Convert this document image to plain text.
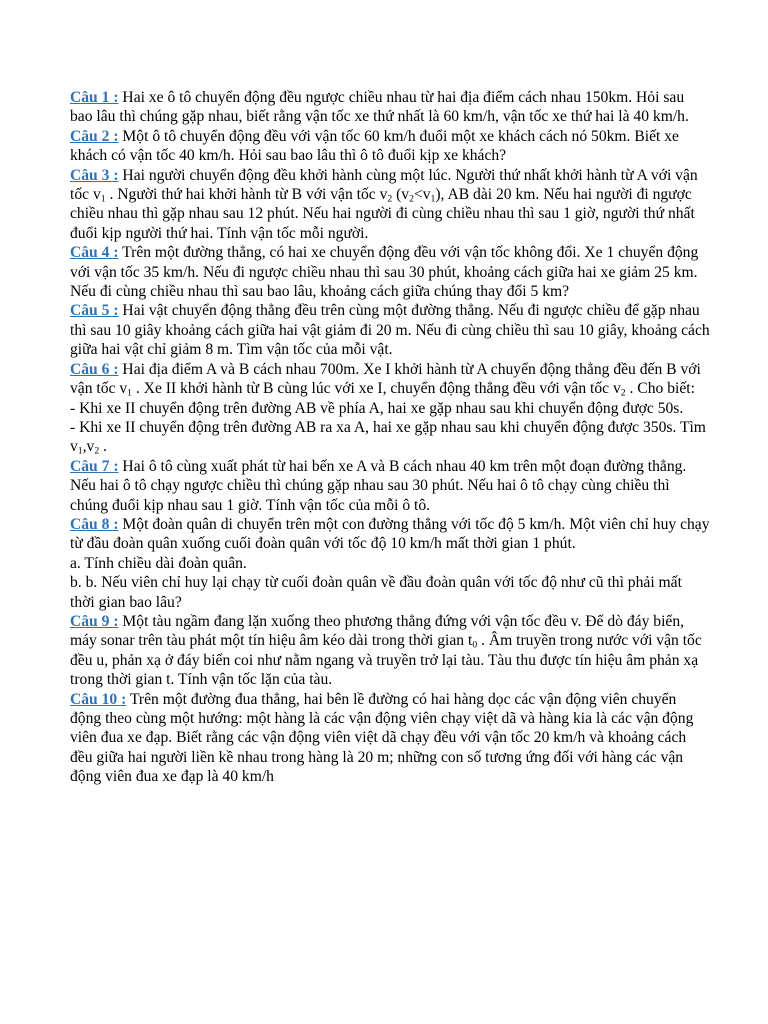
Câu 1 : Hai xe ô tô chuyển động đều ngược chiều nhau từ hai địa điểm cách nhau 150km. Hỏi sau bao lâu thì chúng gặp nhau, biết rằng vận tốc xe thứ nhất là 60 km/h, vận tốc xe thứ hai là 40 km/h.

Câu 2 : Một ô tô chuyển động đều với vận tốc 60 km/h đuổi một xe khách cách nó 50km. Biết xe khách có vận tốc 40 km/h. Hỏi sau bao lâu thì ô tô đuổi kịp xe khách?

Câu 3 : Hai người chuyển động đều khởi hành cùng một lúc. Người thứ nhất khởi hành từ A với vận tốc $v_1$ . Người thứ hai khởi hành từ B với vận tốc $v_2$ $(v_2<v_1)$, AB dài 20 km. Nếu hai người đi ngược chiều nhau thì gặp nhau sau 12 phút. Nếu hai người đi cùng chiều nhau thì sau 1 giờ, người thứ nhất đuổi kịp người thứ hai. Tính vận tốc mỗi người.

Câu 4 : Trên một đường thẳng, có hai xe chuyển động đều với vận tốc không đổi. Xe 1 chuyển động với vận tốc 35 km/h. Nếu đi ngược chiều nhau thì sau 30 phút, khoảng cách giữa hai xe giảm 25 km. Nếu đi cùng chiều nhau thì sau bao lâu, khoảng cách giữa chúng thay đổi 5 km?

Câu 5 : Hai vật chuyển động thẳng đều trên cùng một đường thẳng. Nếu đi ngược chiều để gặp nhau thì sau 10 giây khoảng cách giữa hai vật giảm đi 20 m. Nếu đi cùng chiều thì sau 10 giây, khoảng cách giữa hai vật chỉ giảm 8 m. Tìm vận tốc của mỗi vật.

Câu 6 : Hai địa điểm A và B cách nhau 700m. Xe I khởi hành từ A chuyển động thẳng đều đến B với vận tốc $v_1$ . Xe II khởi hành từ B cùng lúc với xe I, chuyển động thẳng đều với vận tốc $v_2$ . Cho biết:

- Khi xe II chuyển động trên đường AB về phía A, hai xe gặp nhau sau khi chuyển động được 50s.

- Khi xe II chuyển động trên đường AB ra xa A, hai xe gặp nhau sau khi chuyển động được 350s. Tìm $v_1,v_2$ .

Câu 7 : Hai ô tô cùng xuất phát từ hai bến xe A và B cách nhau 40 km trên một đoạn đường thẳng. Nếu hai ô tô chạy ngược chiều thì chúng gặp nhau sau 30 phút. Nếu hai ô tô chạy cùng chiều thì chúng đuổi kịp nhau sau 1 giờ. Tính vận tốc của mỗi ô tô.

Câu 8 : Một đoàn quân di chuyển trên một con đường thẳng với tốc độ 5 km/h. Một viên chỉ huy chạy từ đầu đoàn quân xuống cuối đoàn quân với tốc độ 10 km/h mất thời gian 1 phút.

a. Tính chiều dài đoàn quân.

b. b. Nếu viên chỉ huy lại chạy từ cuối đoàn quân về đầu đoàn quân với tốc độ như cũ thì phải mất thời gian bao lâu?

Câu 9 : Một tàu ngầm đang lặn xuống theo phương thẳng đứng với vận tốc đều v. Để dò đáy biển, máy sonar trên tàu phát một tín hiệu âm kéo dài trong thời gian $t_0$ . Âm truyền trong nước với vận tốc đều u, phản xạ ở đáy biển coi như nằm ngang và truyền trở lại tàu. Tàu thu được tín hiệu âm phản xạ trong thời gian t. Tính vận tốc lặn của tàu.

Câu 10 : Trên một đường đua thẳng, hai bên lề đường có hai hàng dọc các vận động viên chuyển động theo cùng một hướng: một hàng là các vận động viên chạy việt dã và hàng kia là các vận động viên đua xe đạp. Biết rằng các vận động viên việt dã chạy đều với vận tốc 20 km/h và khoảng cách đều giữa hai người liền kề nhau trong hàng là 20 m; những con số tương ứng đối với hàng các vận động viên đua xe đạp là 40 km/h
